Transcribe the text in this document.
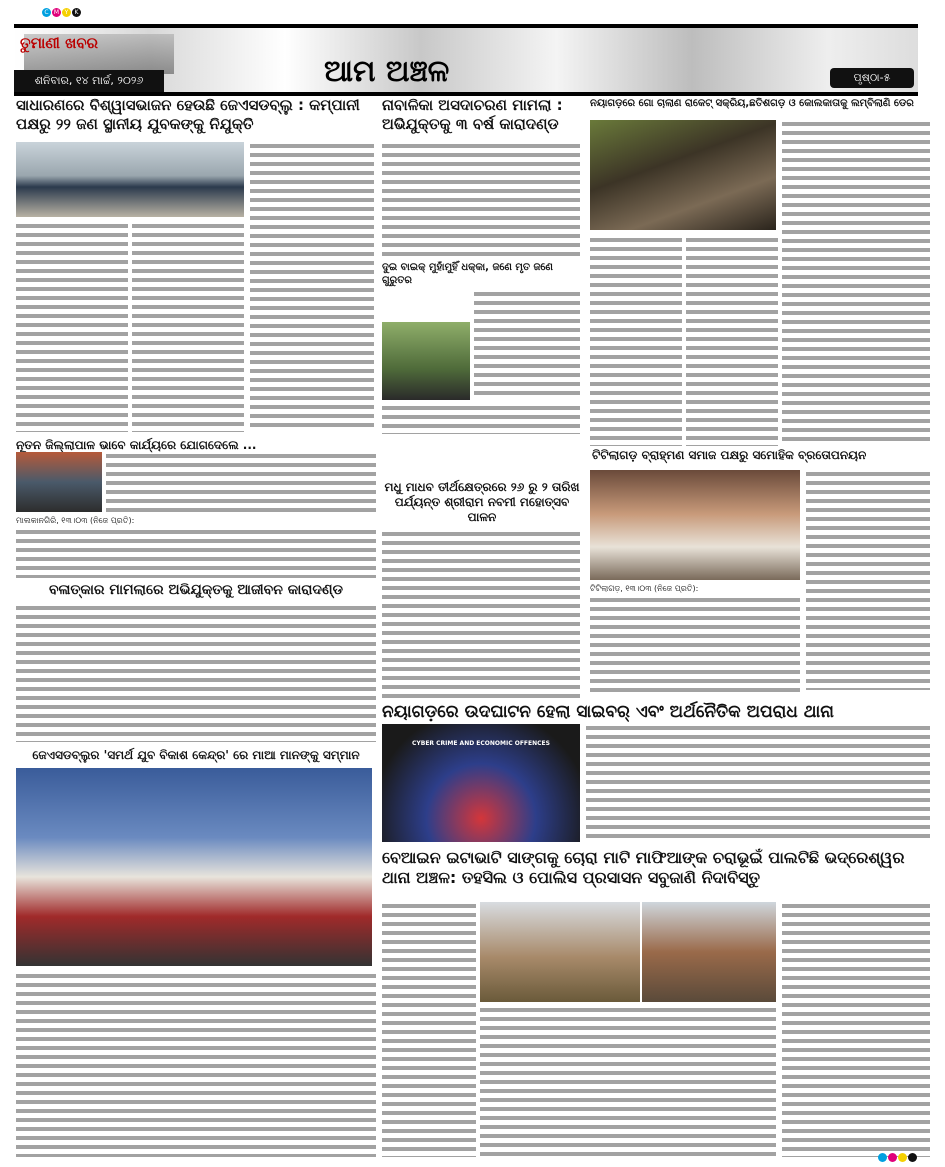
C M Y	K
ତୁମାଣୀ ଖବର
ଶନିବାର, ୧୪ ମାର୍ଚ୍ଚ, ୨୦୨୬	ଆମ ଅଞ୍ଚଳ	ପୃଷ୍ଠା-୫
ସାଧାରଣରେ ବିଶ୍ୱାସଭାଜନ ହେଉଛି ଜେଏସଡବ୍ଲୁ : କମ୍ପାନୀ ପକ୍ଷରୁ ୨୨ ଜଣ ସ୍ଥାନୀୟ ଯୁବକଙ୍କୁ ନିଯୁକ୍ତି
ନାବାଳିକା ଅସଦାଚରଣ ମାମଲା : ଅଭିଯୁକ୍ତକୁ ୩ ବର୍ଷ କାରାଦଣ୍ଡ
ଦୁଇ ବାଇକ୍ ମୁହାଁମୁହିଁ ଧକ୍କା, ଜଣେ ମୃତ ଜଣେ ଗୁରୁତର
ନୟାଗଡ଼ରେ ଗୋ ଚାଲାଣ ରାକେଟ୍ ସକ୍ରିୟ,ଛତିଶଗଡ଼ ଓ କୋଲକାତାକୁ ଲମ୍ବିଲାଣି ଡେର
ନୂତନ ଜିଲ୍ଲାପାଳ ଭାବେ କାର୍ଯ୍ୟରେ ଯୋଗଦେଲେ ...
ମାଲକାନଗିରି, ୧୩।୦୩ (ନିଜେ ପ୍ରତି):
ମଧୁ ମାଧବ ତୀର୍ଥକ୍ଷେତ୍ରରେ ୨୬ ରୁ ୨ ତାରିଖ ପର୍ଯ୍ୟନ୍ତ ଶ୍ରୀରାମ ନବମୀ ମହୋତ୍ସବ ପାଳନ
ଟିଟିଲାଗଡ଼ ବ୍ରାହ୍ମଣ ସମାଜ ପକ୍ଷରୁ ସମୋହିକ ବ୍ରତୋପନୟନ
ଟିଟିଲାଗଡ଼, ୧୩।୦୩ (ନିଜେ ପ୍ରତି):
ବଳାତ୍କାର ମାମଲାରେ ଅଭିଯୁକ୍ତକୁ ଆଜୀବନ କାରାଦଣ୍ଡ
ନୟାଗଡ଼ରେ ଉଦଘାଟନ ହେଲା ସାଇବର୍ ଏବଂ ଅର୍ଥନୈତିକ ଅପରାଧ ଥାନା
CYBER CRIME AND ECONOMIC OFFENCES
ଜେଏସଡବ୍ଲୁର 'ସମର୍ଥ ଯୁବ ବିକାଶ କେନ୍ଦ୍ର' ରେ ମାଆ ମାନଙ୍କୁ ସମ୍ମାନ
ବେଆଇନ ଇଟାଭାଟି ସାଙ୍ଗକୁ ଚୋରା ମାଟି ମାଫିଆଙ୍କ ଚରାଭୂଇଁ ପାଲଟିଛି ଭଦ୍ରେଶ୍ୱର ଥାନା ଅଞ୍ଚଳ: ତହସିଲ ଓ ପୋଲିସ ପ୍ରସାସନ ସବୁଜାଣି ନିଦାବିସ୍ତୁ
